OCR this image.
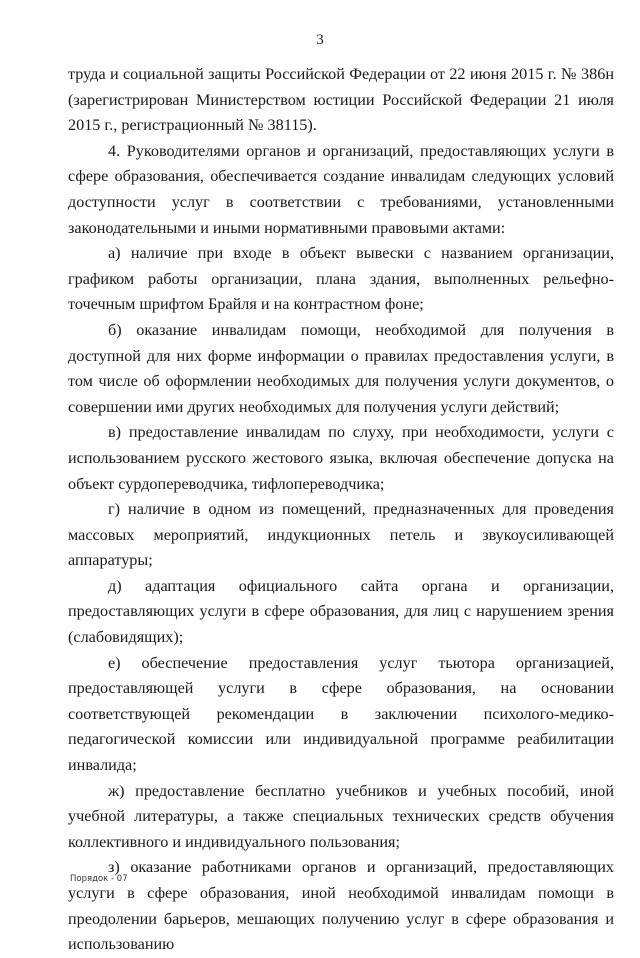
3

труда и социальной защиты Российской Федерации от 22 июня 2015 г. № 386н (зарегистрирован Министерством юстиции Российской Федерации 21 июля 2015 г., регистрационный № 38115).

4. Руководителями органов и организаций, предоставляющих услуги в сфере образования, обеспечивается создание инвалидам следующих условий доступности услуг в соответствии с требованиями, установленными законодательными и иными нормативными правовыми актами:

а) наличие при входе в объект вывески с названием организации, графиком работы организации, плана здания, выполненных рельефно-точечным шрифтом Брайля и на контрастном фоне;

б) оказание инвалидам помощи, необходимой для получения в доступной для них форме информации о правилах предоставления услуги, в том числе об оформлении необходимых для получения услуги документов, о совершении ими других необходимых для получения услуги действий;

в) предоставление инвалидам по слуху, при необходимости, услуги с использованием русского жестового языка, включая обеспечение допуска на объект сурдопереводчика, тифлопереводчика;

г) наличие в одном из помещений, предназначенных для проведения массовых мероприятий, индукционных петель и звукоусиливающей аппаратуры;

д) адаптация официального сайта органа и организации, предоставляющих услуги в сфере образования, для лиц с нарушением зрения (слабовидящих);

е) обеспечение предоставления услуг тьютора организацией, предоставляющей услуги в сфере образования, на основании соответствующей рекомендации в заключении психолого-медико-педагогической комиссии или индивидуальной программе реабилитации инвалида;

ж) предоставление бесплатно учебников и учебных пособий, иной учебной литературы, а также специальных технических средств обучения коллективного и индивидуального пользования;

з) оказание работниками органов и организаций, предоставляющих услуги в сфере образования, иной необходимой инвалидам помощи в преодолении барьеров, мешающих получению услуг в сфере образования и использованию

Порядок - 07
